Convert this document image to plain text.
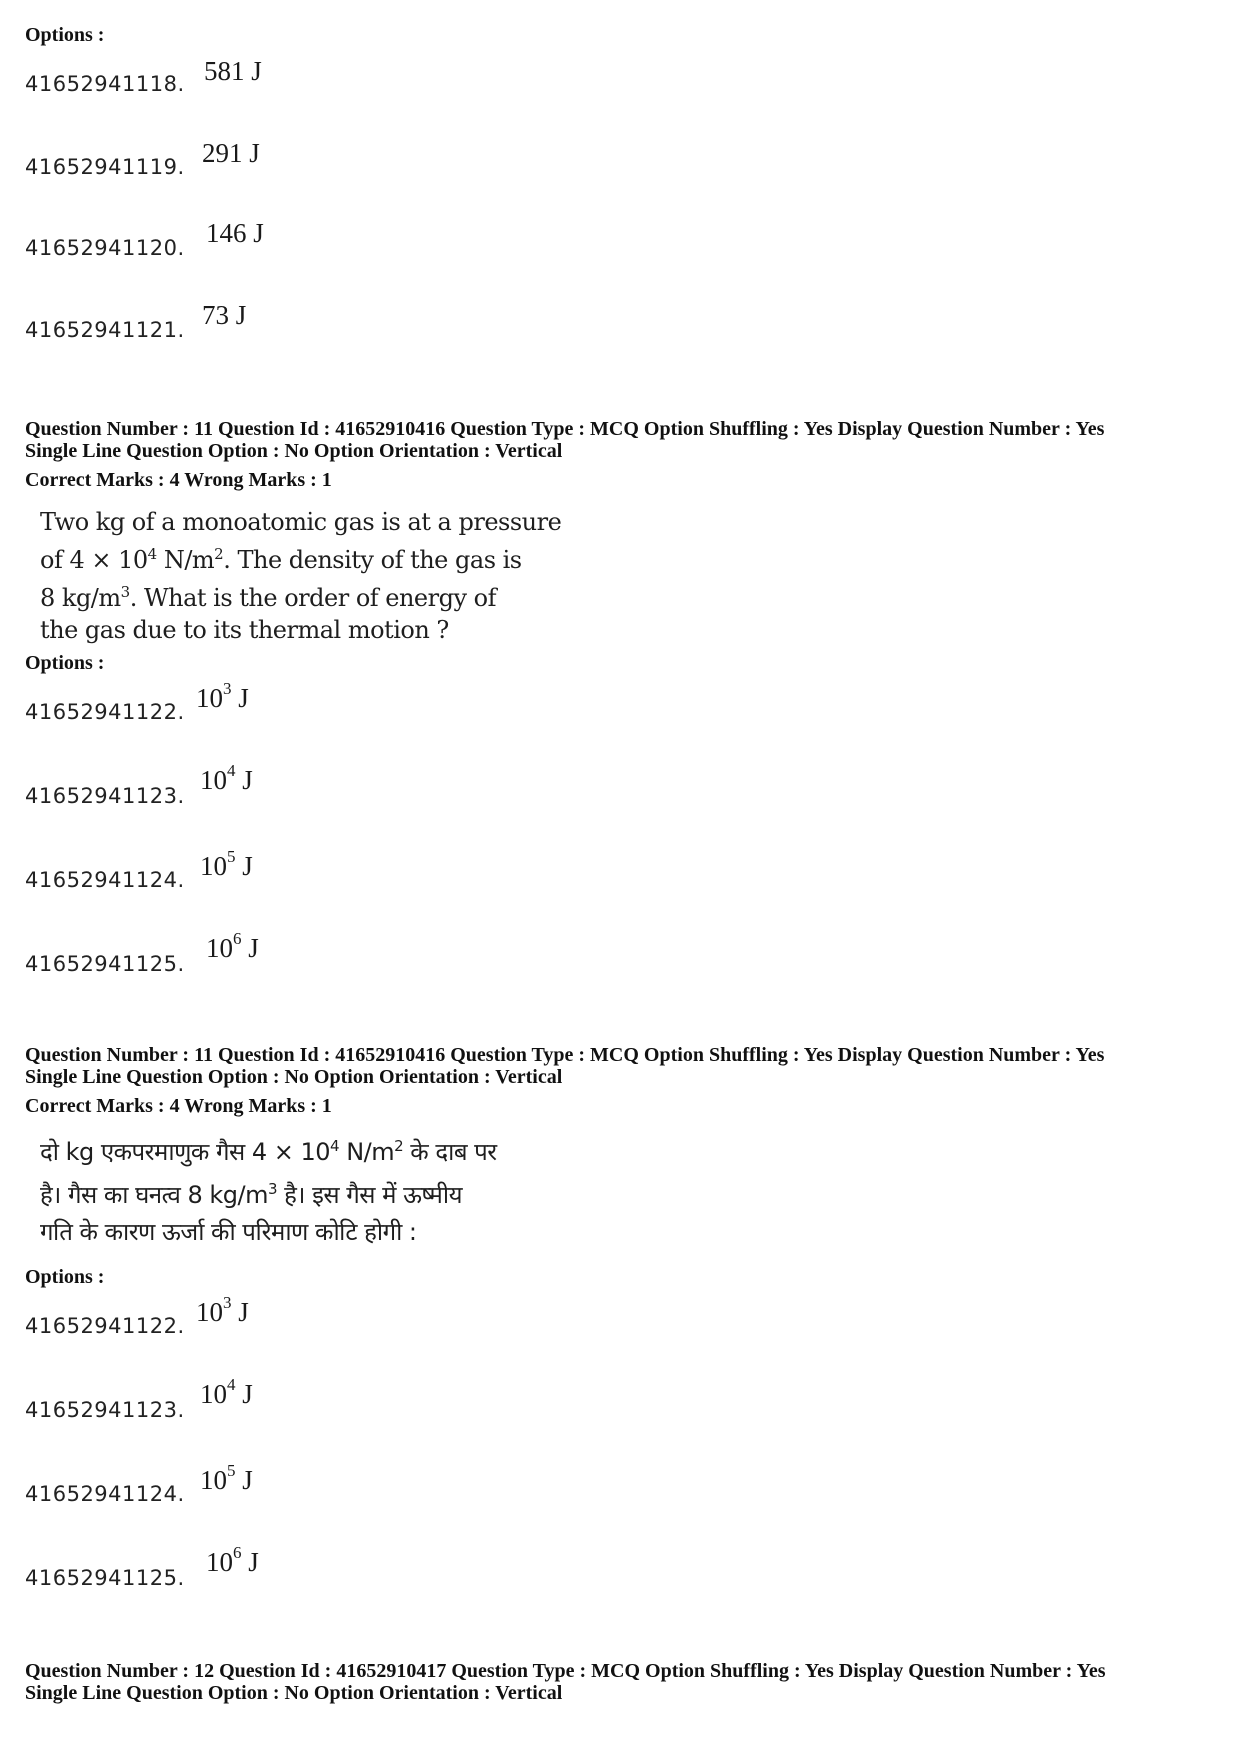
Options :
41652941118. 581 J
41652941119. 291 J
41652941120. 146 J
41652941121. 73 J
Question Number : 11 Question Id : 41652910416 Question Type : MCQ Option Shuffling : Yes Display Question Number : Yes
Single Line Question Option : No Option Orientation : Vertical
Correct Marks : 4 Wrong Marks : 1
Two kg of a monoatomic gas is at a pressure
of $4 \times 10^4$ $N/m^2$. The density of the gas is
8 $kg/m^3$. What is the order of energy of
the gas due to its thermal motion ?
Options :
41652941122. $10^3$ J
41652941123.
$10^4$ J
41652941124. $10^5$ J
41652941125.
$10^6$ J
Question Number : 11 Question Id : 41652910416 Question Type : MCQ Option Shuffling : Yes Display Question Number : Yes
Single Line Question Option : No Option Orientation : Vertical
Correct Marks : 4 Wrong Marks : 1
दो kg एकपरमाणुक गैस $4 \times 10^4$ $N/m^2$ के दाब पर
है। गैस का घनत्व 8 $kg/m^3$ है। इस गैस में ऊष्मीय
गति के कारण ऊर्जा की परिमाण कोटि होगी :
Options :
41652941122. $10^3$ J
41652941123.
$10^4$ J
41652941124. $10^5$ J
41652941125.
$10^6$ J
Question Number : 12 Question Id : 41652910417 Question Type : MCQ Option Shuffling : Yes Display Question Number : Yes
Single Line Question Option : No Option Orientation : Vertical
